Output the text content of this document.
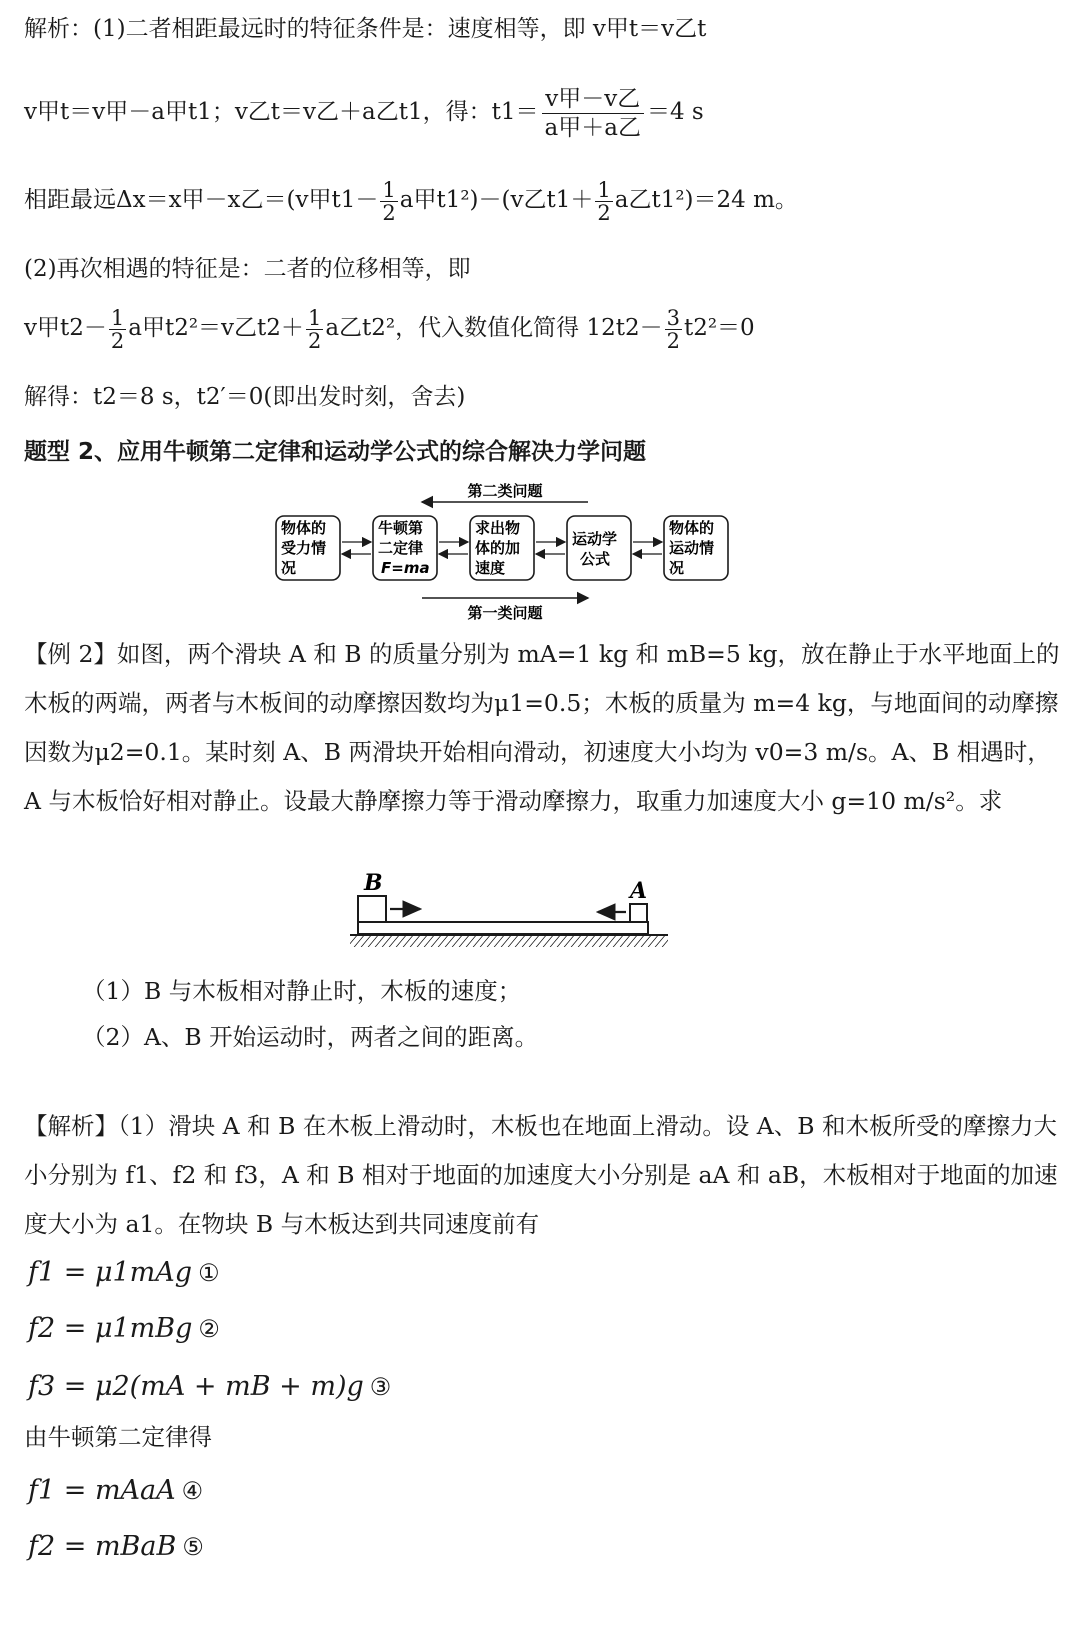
解析：(1)二者相距最远时的特征条件是：速度相等，即 v甲t＝v乙t
v甲t＝v甲－a甲t1；v乙t＝v乙＋a乙t1，得：$t1= \frac{\text{v甲－v乙}}{\text{a甲＋a乙}} =4$ s
相距最远Δx＝x甲－x乙＝(v甲$t1- \frac{1}{2}$ a甲t1²)－(v乙$t1+ \frac{1}{2}$ a乙t1²)＝24 m。
(2)再次相遇的特征是：二者的位移相等，即
v甲$t2- \frac{1}{2}$ a甲t2²＝v乙$t2+ \frac{1}{2}$ a乙t2²，代入数值化简得 $12t2- \frac{3}{2} t2^2=0$
解得：t2＝8 s，t2′＝0(即出发时刻，舍去)
题型 2、应用牛顿第二定律和运动学公式的综合解决力学问题
第二类问题
物体的
受力情
况
牛顿第
二定律
F=ma
求出物
体的加
速度
运动学
公式
物体的
运动情
况
第一类问题
【例 2】如图，两个滑块 A 和 B 的质量分别为 mA=1 kg 和 mB=5 kg，放在静止于水平地面上的木板的两端，两者与木板间的动摩擦因数均为μ1=0.5；木板的质量为 m=4 kg，与地面间的动摩擦因数为μ2=0.1。某时刻 A、B 两滑块开始相向滑动，初速度大小均为 v0=3 m/s。A、B 相遇时，A 与木板恰好相对静止。设最大静摩擦力等于滑动摩擦力，取重力加速度大小 g=10 m/s²。求
B	A
（1）B 与木板相对静止时，木板的速度；
（2）A、B 开始运动时，两者之间的距离。
【解析】（1）滑块 A 和 B 在木板上滑动时，木板也在地面上滑动。设 A、B 和木板所受的摩擦力大小分别为 f1、f2 和 f3，A 和 B 相对于地面的加速度大小分别是 aA 和 aB，木板相对于地面的加速度大小为 a1。在物块 B 与木板达到共同速度前有
f1 = μ1mAg ①
f2 = μ1mBg ②
f3 = μ2(mA + mB + m)g ③
由牛顿第二定律得
f1 = mAaA ④
f2 = mBaB ⑤
